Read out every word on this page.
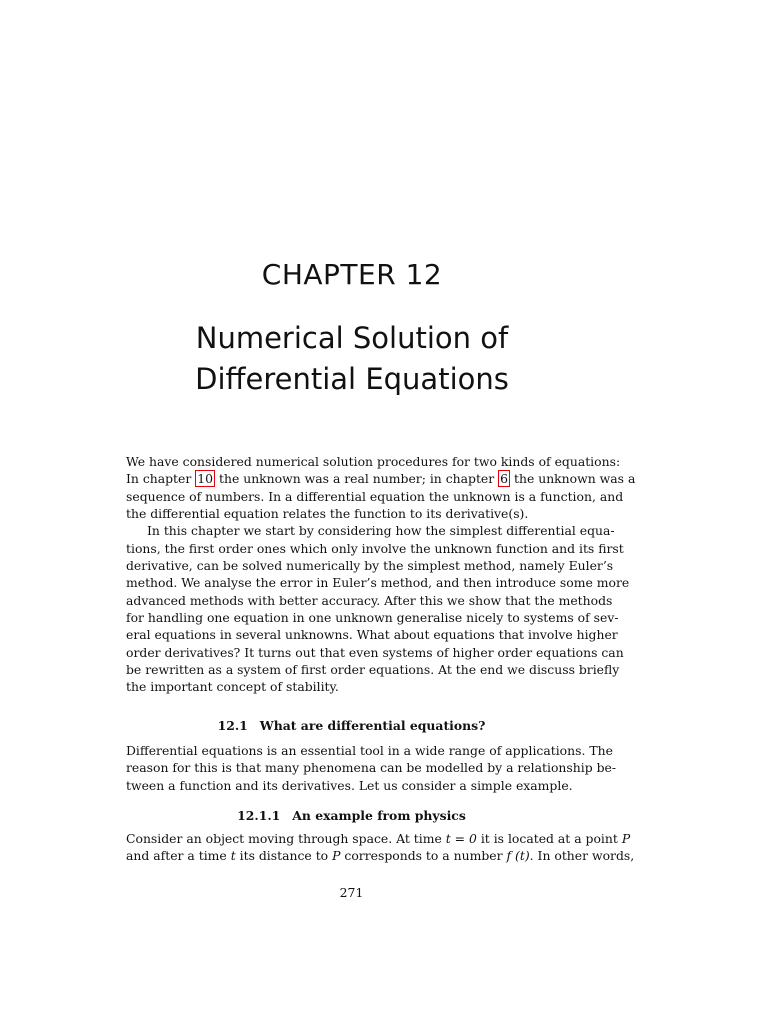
CHAPTER 12
Numerical Solution of
Differential Equations
We have considered numerical solution procedures for two kinds of equations:
In chapter 10 the unknown was a real number; in chapter 6 the unknown was a
sequence of numbers. In a differential equation the unknown is a function, and
the differential equation relates the function to its derivative(s).
In this chapter we start by considering how the simplest differential equa-
tions, the first order ones which only involve the unknown function and its first
derivative, can be solved numerically by the simplest method, namely Euler’s
method. We analyse the error in Euler’s method, and then introduce some more
advanced methods with better accuracy. After this we show that the methods
for handling one equation in one unknown generalise nicely to systems of sev-
eral equations in several unknowns. What about equations that involve higher
order derivatives? It turns out that even systems of higher order equations can
be rewritten as a system of first order equations. At the end we discuss briefly
the important concept of stability.
12.1 What are differential equations?
Differential equations is an essential tool in a wide range of applications. The
reason for this is that many phenomena can be modelled by a relationship be-
tween a function and its derivatives. Let us consider a simple example.
12.1.1 An example from physics
Consider an object moving through space. At time t = 0 it is located at a point P
and after a time t its distance to P corresponds to a number f (t). In other words,
271
